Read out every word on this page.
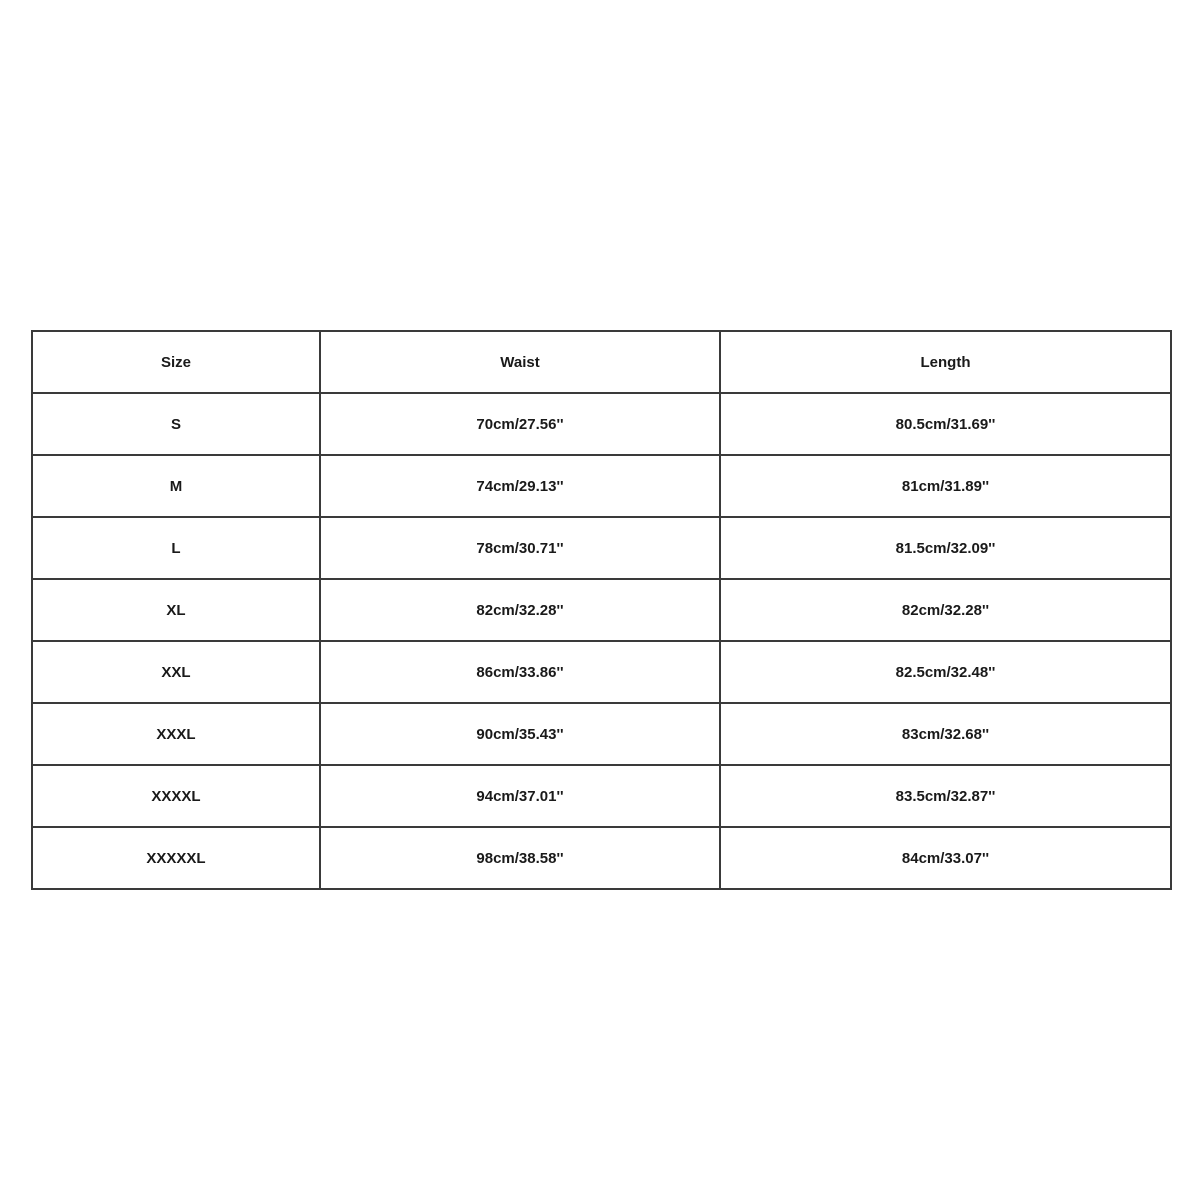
Size	Waist	Length
S	70cm/27.56''	80.5cm/31.69''
M	74cm/29.13''	81cm/31.89''
L	78cm/30.71''	81.5cm/32.09''
XL	82cm/32.28''	82cm/32.28''
XXL	86cm/33.86''	82.5cm/32.48''
XXXL	90cm/35.43''	83cm/32.68''
XXXXL	94cm/37.01''	83.5cm/32.87''
XXXXXL	98cm/38.58''	84cm/33.07''
